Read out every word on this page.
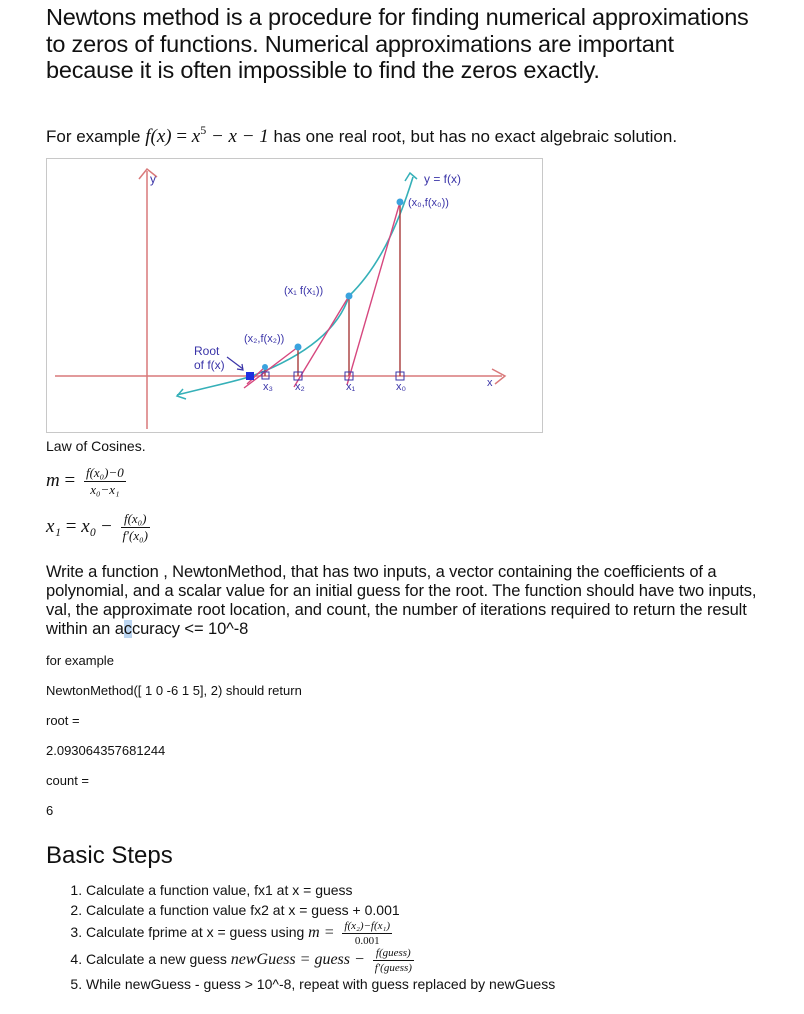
Newtons method is a procedure for finding numerical approximations to zeros of functions. Numerical approximations are important because it is often impossible to find the zeros exactly.
For example $f(x) = x^5 - x - 1$ has one real root, but has no exact algebraic solution.
y
x
y = f(x)
(x₀,f(x₀))
(x₁ f(x₁))
(x₂,f(x₂))
Root
of f(x)
x₀
x₁
x₂
x₃
Law of Cosines.
$m = \frac{\text{f(x₀)−0}}{\text{x₀−x₁}}$
$x_1 = x_0 - \frac{\text{f(x₀)}}{\text{f′(x₀)}}$
Write a function , NewtonMethod, that has two inputs, a vector containing the coefficients of a polynomial, and a scalar value for an initial guess for the root. The function should have two inputs, val, the approximate root location, and count, the number of iterations required to return the result within an accuracy <= 10^-8
for example
NewtonMethod([ 1 0 -6 1 5], 2) should return
root =
2.093064357681244
count =
6
Basic Steps
1. Calculate a function value, fx1 at x = guess
2. Calculate a function value fx2 at x = guess + 0.001
3. Calculate fprime at x = guess using $m = \frac{\text{f(x₂)−f(x₁)}}{0.001}$
4. Calculate a new guess newGuess = guess − $\frac{\text{f(guess)}}{\text{f′(guess)}}$
5. While newGuess - guess > 10^-8, repeat with guess replaced by newGuess
